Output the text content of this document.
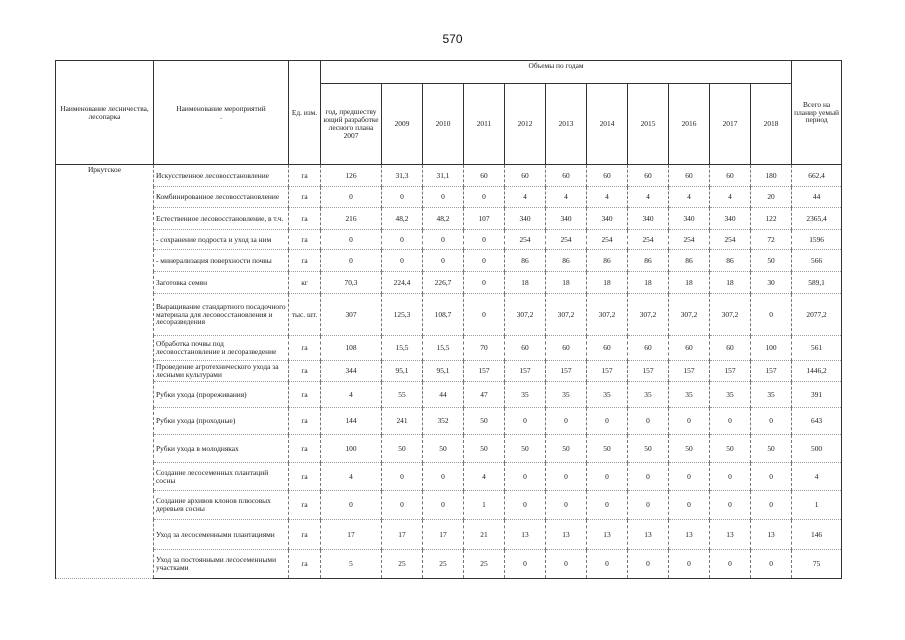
570
Наименование лесничества, лесопарка	Наименование мероприятий
.	Ед. изм.	Объемы по годам											Всего на планир уемый период
			год, предшеству ющий разработке лесного плана 2007	2009	2010	2011	2012	2013	2014	2015	2016	2017	2018	
Иркутское	Искусственное лесовосстановление	га	126	31,3	31,1	60	60	60	60	60	60	60	180	662,4
	Комбинированное лесовосстановление	га	0	0	0	0	4	4	4	4	4	4	20	44
	Естественное лесовосстановление, в т.ч.	га	216	48,2	48,2	107	340	340	340	340	340	340	122	2365,4
	- сохранение подроста и уход за ним	га	0	0	0	0	254	254	254	254	254	254	72	1596
	- минерализация поверхности почвы	га	0	0	0	0	86	86	86	86	86	86	50	566
	Заготовка семян	кг	70,3	224,4	226,7	0	18	18	18	18	18	18	30	589,1
	Выращивание стандартного посадочного материала для лесовосстановления и лесоразведения	тыс. шт.	307	125,3	108,7	0	307,2	307,2	307,2	307,2	307,2	307,2	0	2077,2
	Обработка почвы под лесовосстановление и лесоразведение	га	108	15,5	15,5	70	60	60	60	60	60	60	100	561
	Проведение агротехнического ухода за лесными культурами	га	344	95,1	95,1	157	157	157	157	157	157	157	157	1446,2
	Рубки ухода (прореживания)	га	4	55	44	47	35	35	35	35	35	35	35	391
	Рубки ухода (проходные)	га	144	241	352	50	0	0	0	0	0	0	0	643
	Рубки ухода в молодняках	га	100	50	50	50	50	50	50	50	50	50	50	500
	Создание лесосеменных плантаций сосны	га	4	0	0	4	0	0	0	0	0	0	0	4
	Создание архивов клонов плюсовых деревьев сосны	га	0	0	0	1	0	0	0	0	0	0	0	1
	Уход за лесосеменными плантациями	га	17	17	17	21	13	13	13	13	13	13	13	146
	Уход за постоянными лесосеменными участками	га	5	25	25	25	0	0	0	0	0	0	0	75
